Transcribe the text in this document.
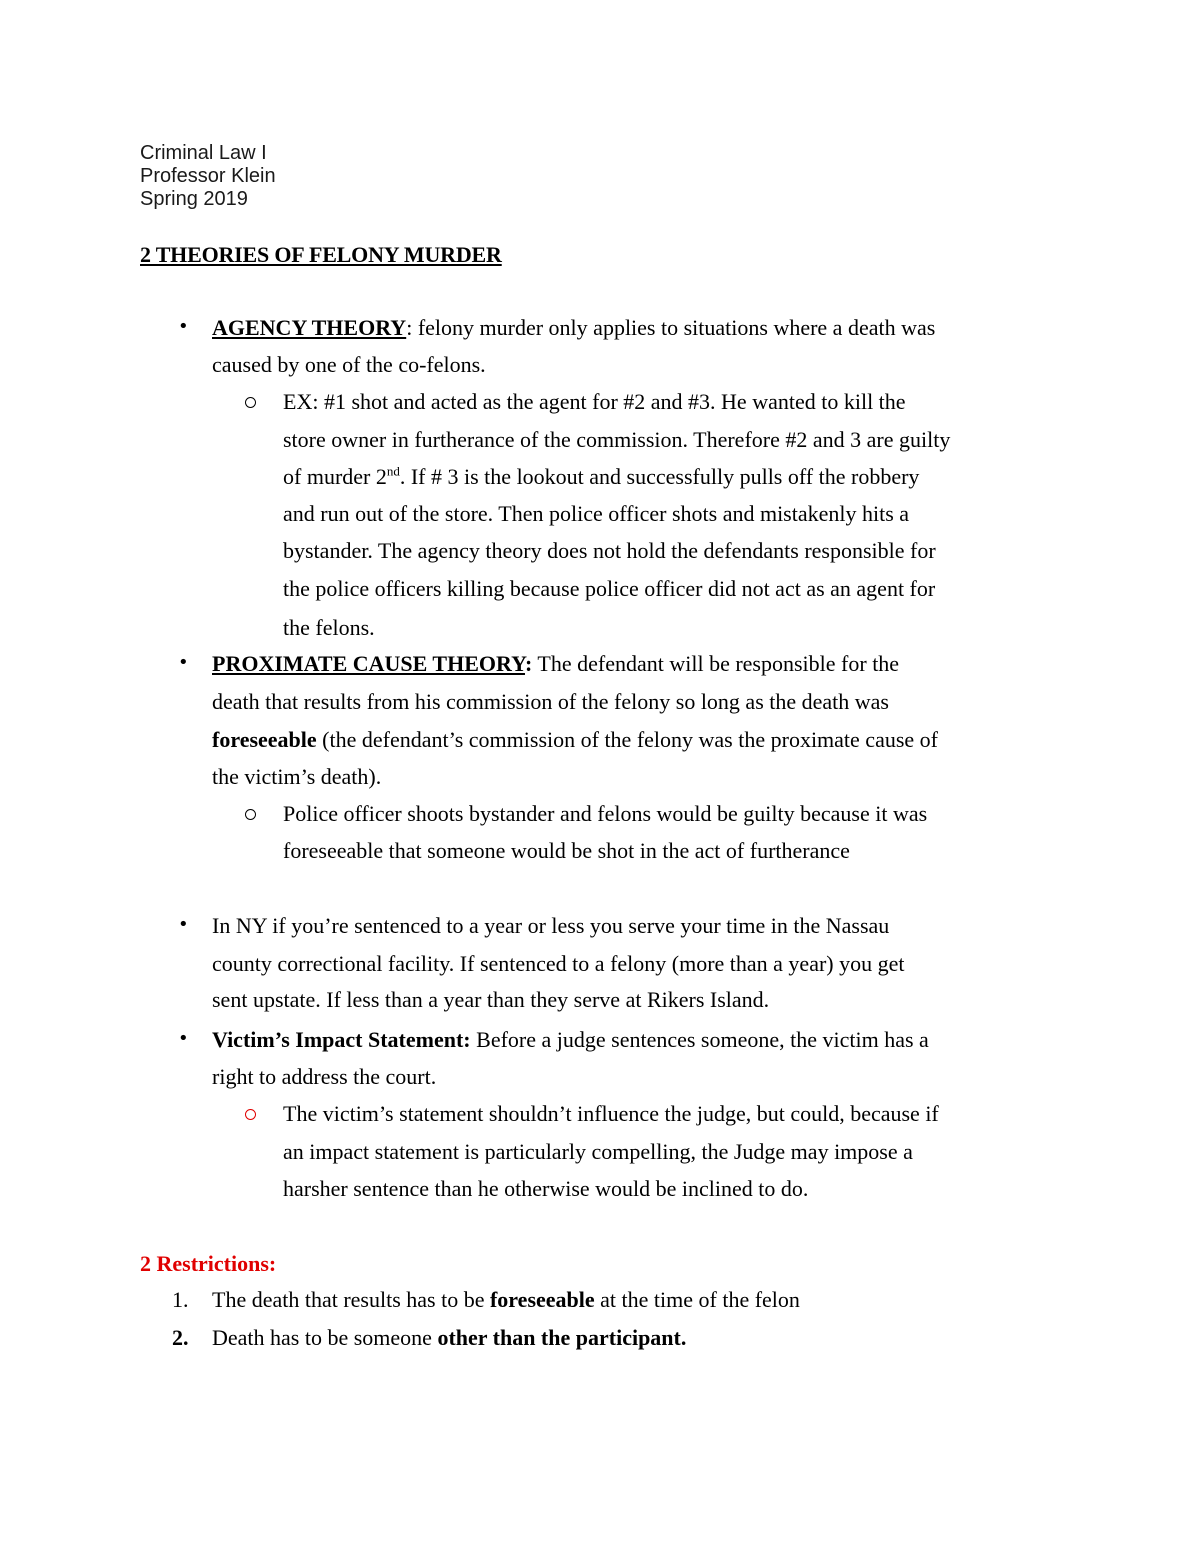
Criminal Law I
Professor Klein
Spring 2019
2 THEORIES OF FELONY MURDER
• AGENCY THEORY: felony murder only applies to situations where a death was
caused by one of the co-felons.
EX: #1 shot and acted as the agent for #2 and #3. He wanted to kill the
store owner in furtherance of the commission. Therefore #2 and 3 are guilty
of murder 2nd. If # 3 is the lookout and successfully pulls off the robbery
and run out of the store. Then police officer shots and mistakenly hits a
bystander. The agency theory does not hold the defendants responsible for
the police officers killing because police officer did not act as an agent for
the felons.
• PROXIMATE CAUSE THEORY: The defendant will be responsible for the
death that results from his commission of the felony so long as the death was
foreseeable (the defendant’s commission of the felony was the proximate cause of
the victim’s death).
Police officer shoots bystander and felons would be guilty because it was
foreseeable that someone would be shot in the act of furtherance
• In NY if you’re sentenced to a year or less you serve your time in the Nassau
county correctional facility. If sentenced to a felony (more than a year) you get
sent upstate. If less than a year than they serve at Rikers Island.
• Victim’s Impact Statement: Before a judge sentences someone, the victim has a
right to address the court.
The victim’s statement shouldn’t influence the judge, but could, because if
an impact statement is particularly compelling, the Judge may impose a
harsher sentence than he otherwise would be inclined to do.
2 Restrictions:
1. The death that results has to be foreseeable at the time of the felon
2. Death has to be someone other than the participant.
